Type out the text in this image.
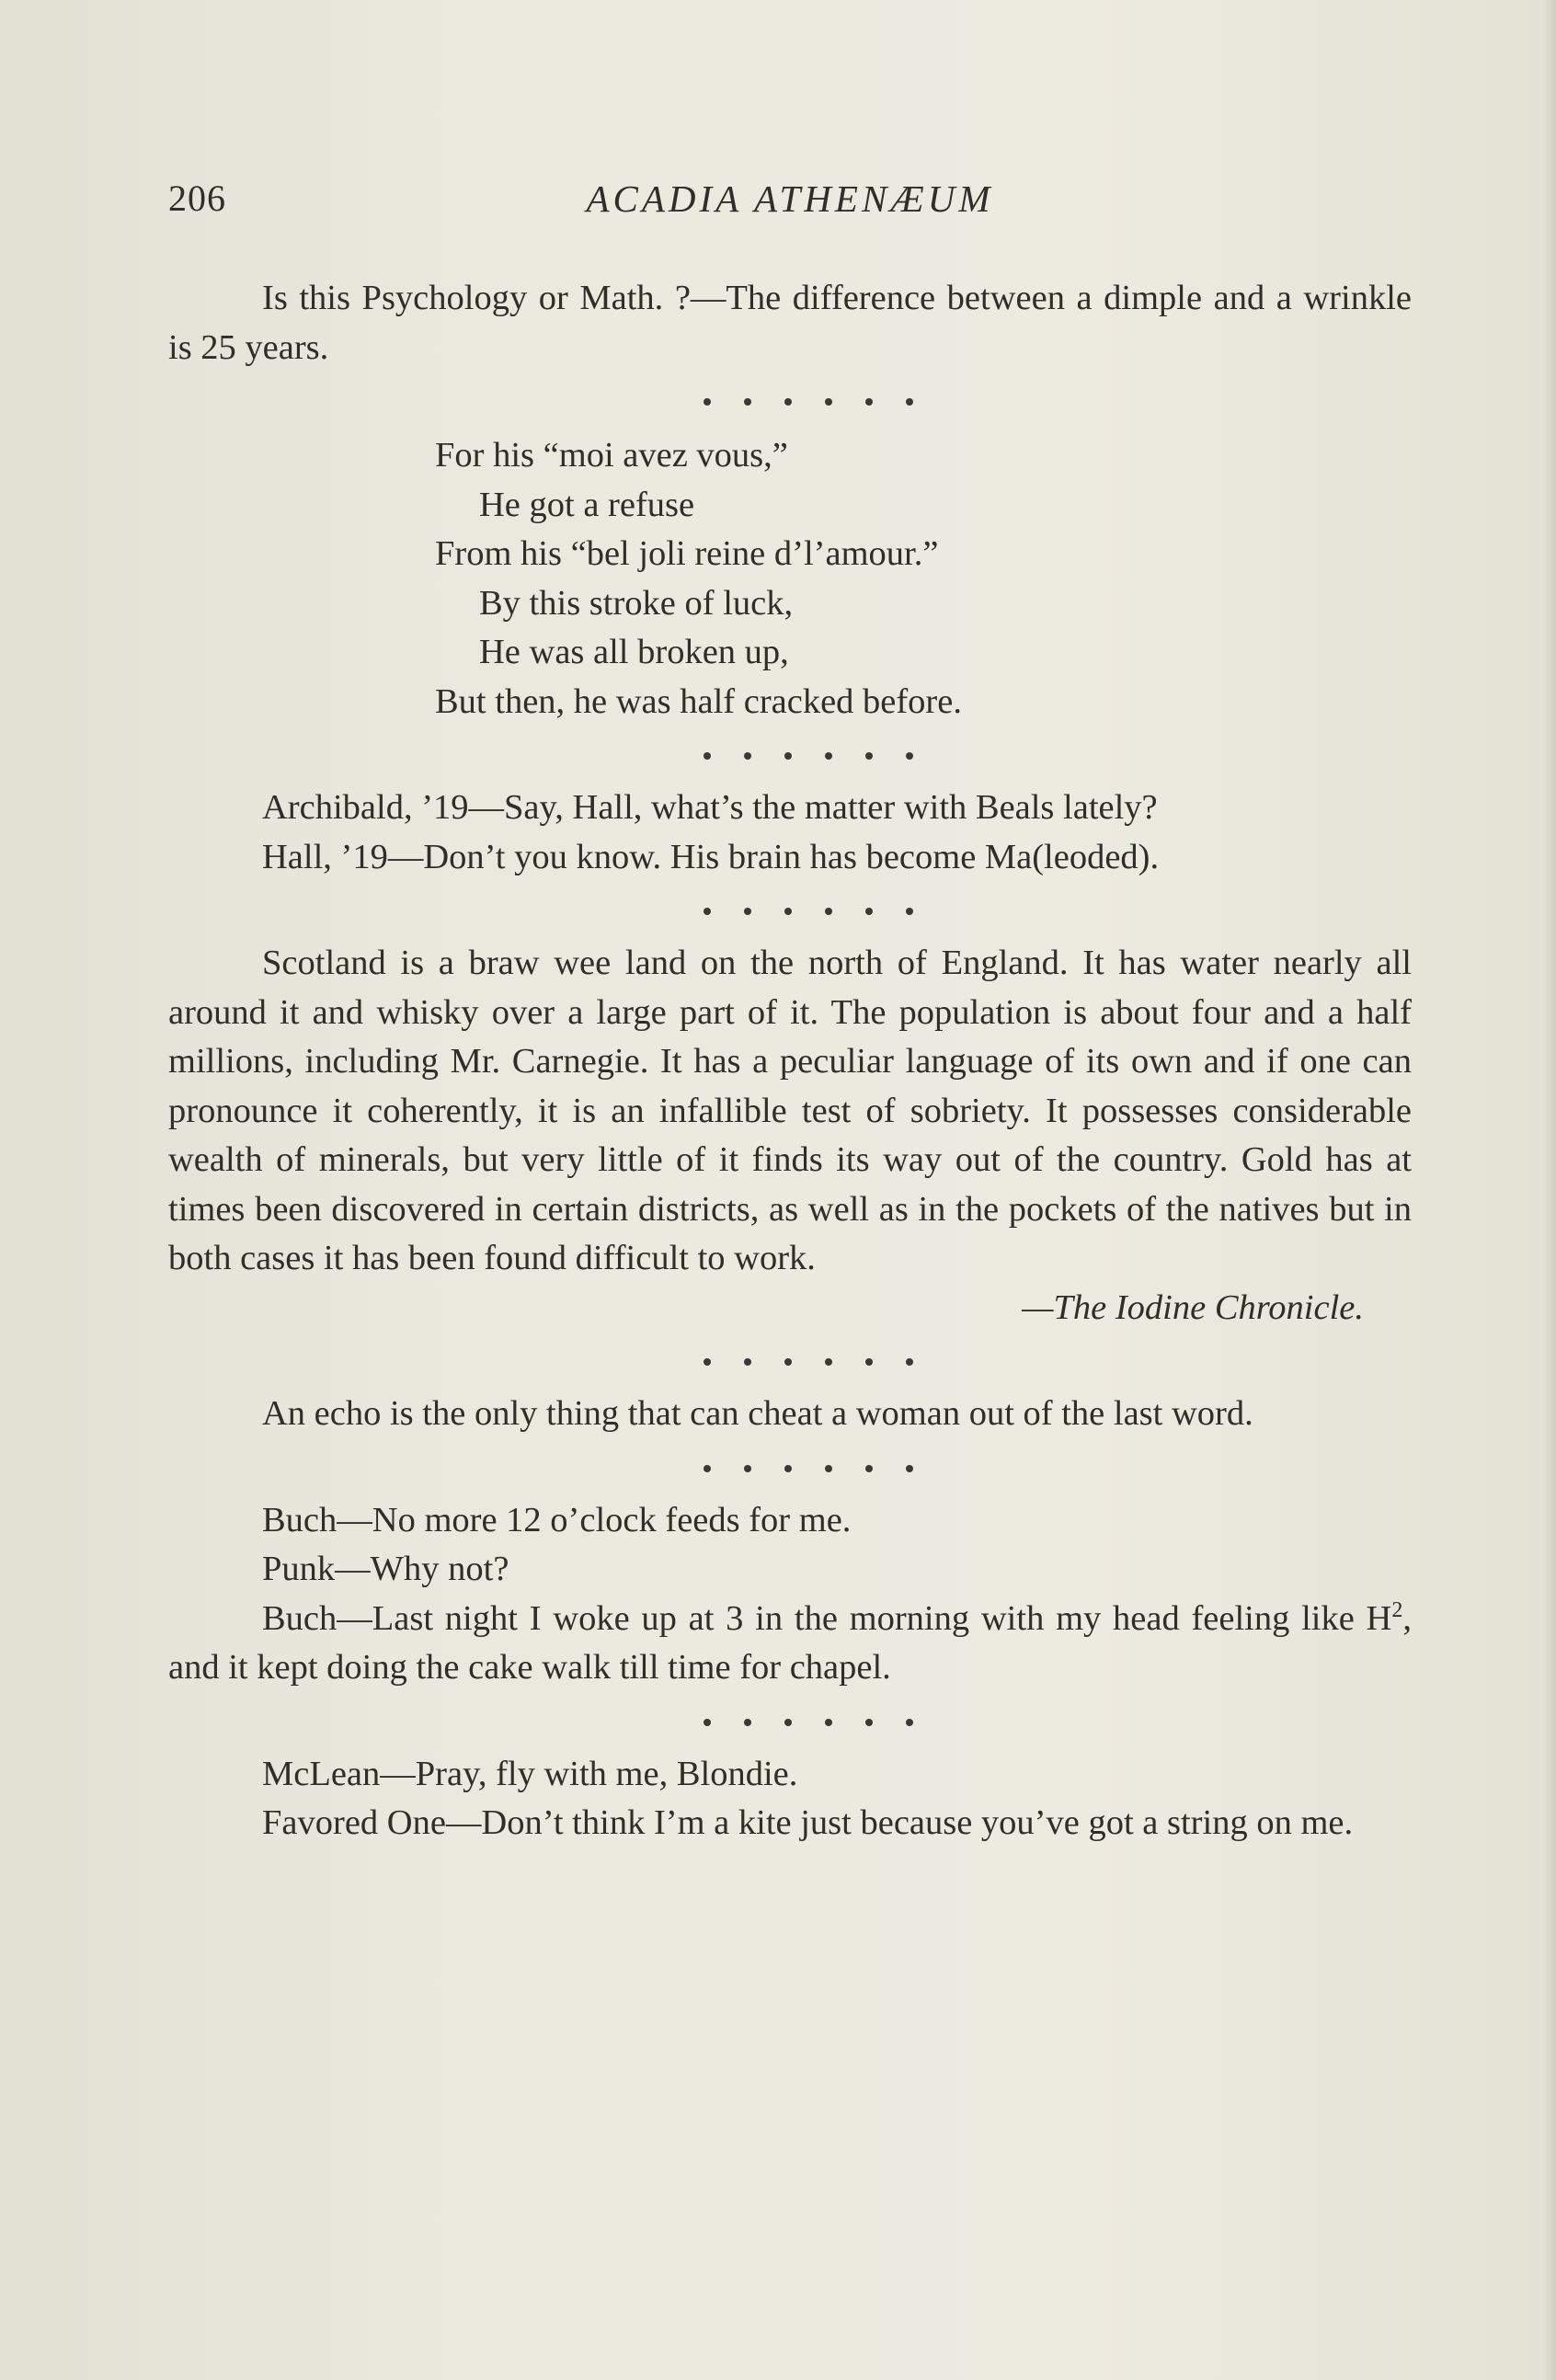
206	ACADIA ATHENÆUM

Is this Psychology or Math. ?—The difference between a dimple and a wrinkle is 25 years.

For his “moi avez vous,”
He got a refuse
From his “bel joli reine d’l’amour.”
By this stroke of luck,
He was all broken up,
But then, he was half cracked before.

Archibald, ’19—Say, Hall, what’s the matter with Beals lately?

Hall, ’19—Don’t you know. His brain has become Ma(leoded).

Scotland is a braw wee land on the north of England. It has water nearly all around it and whisky over a large part of it. The population is about four and a half millions, including Mr. Carnegie. It has a peculiar language of its own and if one can pronounce it coherently, it is an infallible test of sobriety. It possesses considerable wealth of minerals, but very little of it finds its way out of the country. Gold has at times been discovered in certain districts, as well as in the pockets of the natives but in both cases it has been found difficult to work.

—The Iodine Chronicle.

An echo is the only thing that can cheat a woman out of the last word.

Buch—No more 12 o’clock feeds for me.

Punk—Why not?

Buch—Last night I woke up at 3 in the morning with my head feeling like $H^2$, and it kept doing the cake walk till time for chapel.

McLean—Pray, fly with me, Blondie.

Favored One—Don’t think I’m a kite just because you’ve got a string on me.
